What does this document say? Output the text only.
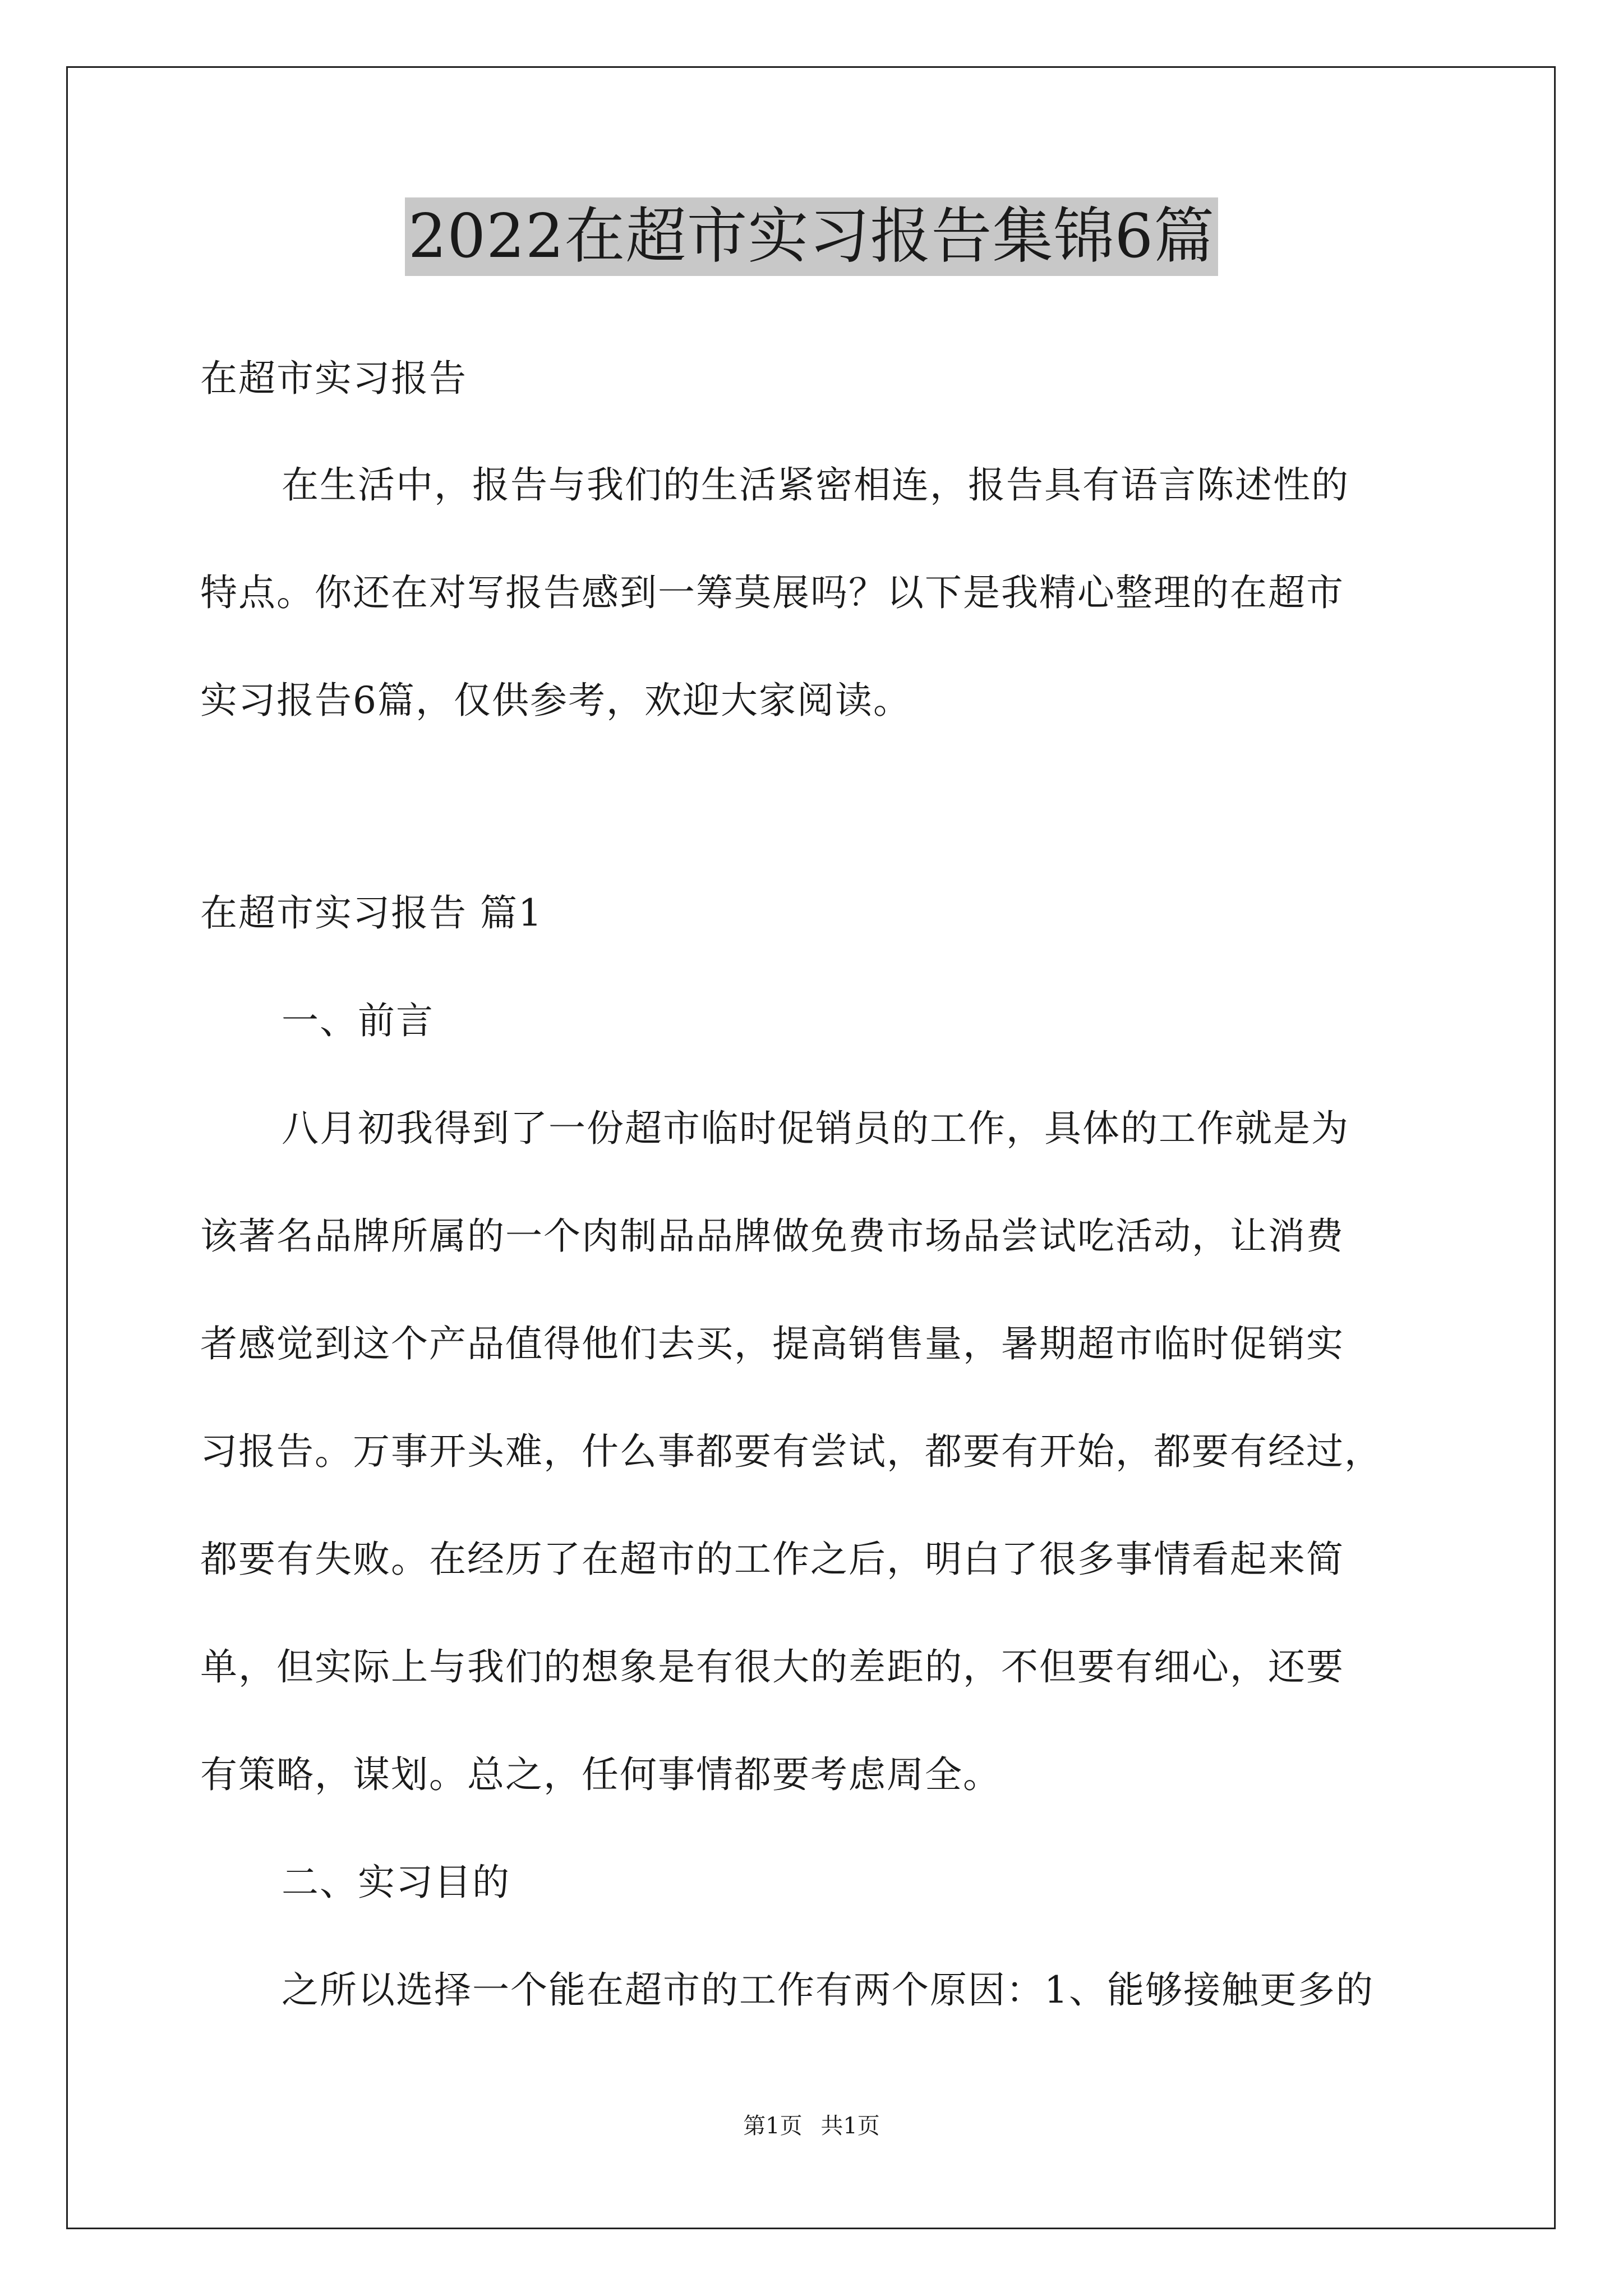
2022在超市实习报告集锦6篇
在超市实习报告
在生活中，报告与我们的生活紧密相连，报告具有语言陈述性的
特点。你还在对写报告感到一筹莫展吗？以下是我精心整理的在超市
实习报告6篇，仅供参考，欢迎大家阅读。
在超市实习报告 篇1
一、前言
八月初我得到了一份超市临时促销员的工作，具体的工作就是为
该著名品牌所属的一个肉制品品牌做免费市场品尝试吃活动，让消费
者感觉到这个产品值得他们去买，提高销售量，暑期超市临时促销实
习报告。万事开头难，什么事都要有尝试，都要有开始，都要有经过，
都要有失败。在经历了在超市的工作之后，明白了很多事情看起来简
单，但实际上与我们的想象是有很大的差距的，不但要有细心，还要
有策略，谋划。总之，任何事情都要考虑周全。
二、实习目的
之所以选择一个能在超市的工作有两个原因：1、能够接触更多的
第1页 共1页
